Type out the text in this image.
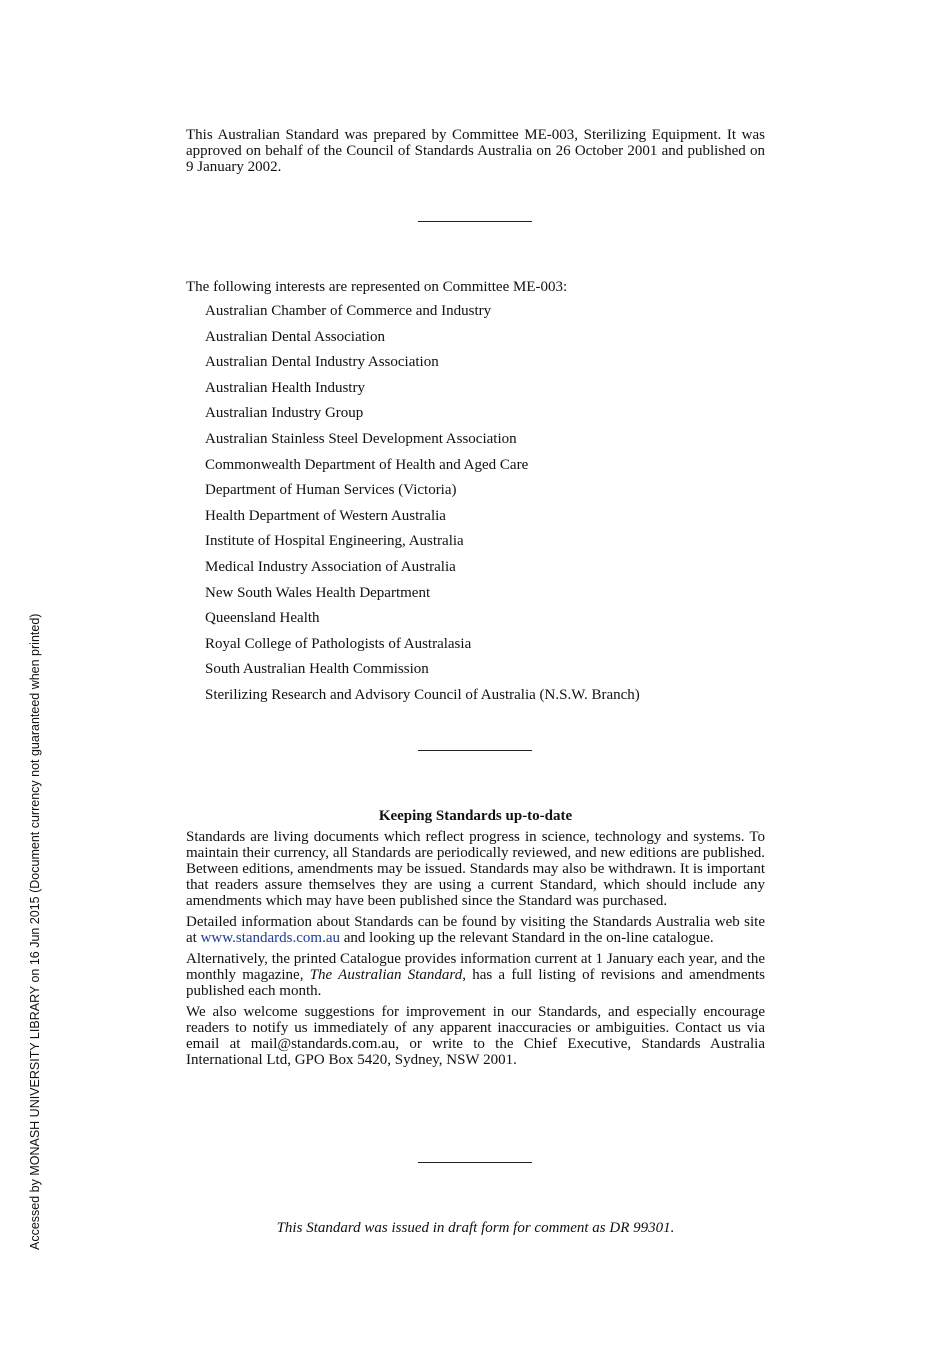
This Australian Standard was prepared by Committee ME-003, Sterilizing Equipment. It was approved on behalf of the Council of Standards Australia on 26 October 2001 and published on 9 January 2002.
The following interests are represented on Committee ME-003:
Australian Chamber of Commerce and Industry
Australian Dental Association
Australian Dental Industry Association
Australian Health Industry
Australian Industry Group
Australian Stainless Steel Development Association
Commonwealth Department of Health and Aged Care
Department of Human Services (Victoria)
Health Department of Western Australia
Institute of Hospital Engineering, Australia
Medical Industry Association of Australia
New South Wales Health Department
Queensland Health
Royal College of Pathologists of Australasia
South Australian Health Commission
Sterilizing Research and Advisory Council of Australia (N.S.W. Branch)
Keeping Standards up-to-date

Standards are living documents which reflect progress in science, technology and systems. To maintain their currency, all Standards are periodically reviewed, and new editions are published. Between editions, amendments may be issued. Standards may also be withdrawn. It is important that readers assure themselves they are using a current Standard, which should include any amendments which may have been published since the Standard was purchased.

Detailed information about Standards can be found by visiting the Standards Australia web site at www.standards.com.au and looking up the relevant Standard in the on-line catalogue.

Alternatively, the printed Catalogue provides information current at 1 January each year, and the monthly magazine, The Australian Standard, has a full listing of revisions and amendments published each month.

We also welcome suggestions for improvement in our Standards, and especially encourage readers to notify us immediately of any apparent inaccuracies or ambiguities. Contact us via email at mail@standards.com.au, or write to the Chief Executive, Standards Australia International Ltd, GPO Box 5420, Sydney, NSW 2001.

This Standard was issued in draft form for comment as DR 99301.
Accessed by MONASH UNIVERSITY LIBRARY on 16 Jun 2015 (Document currency not guaranteed when printed)
